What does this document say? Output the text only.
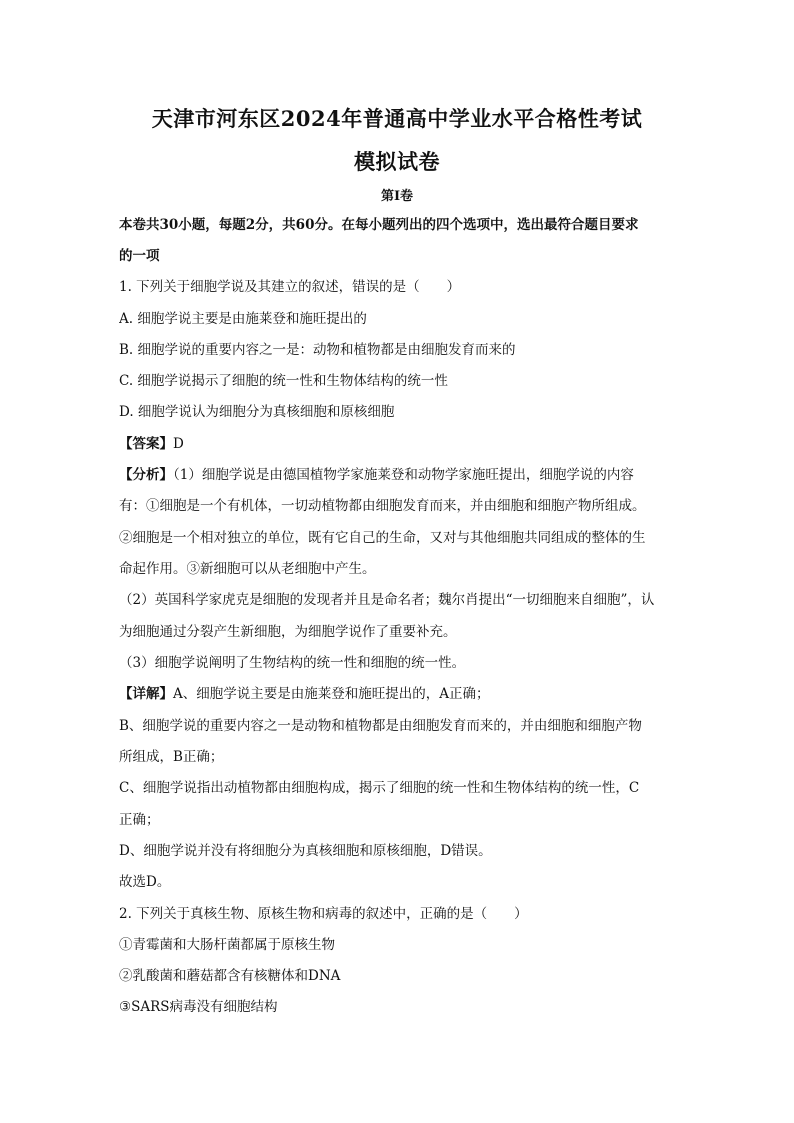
天津市河东区2024年普通高中学业水平合格性考试
模拟试卷
第Ⅰ卷
本卷共30小题，每题2分，共60分。在每小题列出的四个选项中，选出最符合题目要求
的一项
1. 下列关于细胞学说及其建立的叙述，错误的是（　　）
A. 细胞学说主要是由施莱登和施旺提出的
B. 细胞学说的重要内容之一是：动物和植物都是由细胞发育而来的
C. 细胞学说揭示了细胞的统一性和生物体结构的统一性
D. 细胞学说认为细胞分为真核细胞和原核细胞
【答案】D
【分析】（1）细胞学说是由德国植物学家施莱登和动物学家施旺提出，细胞学说的内容
有：①细胞是一个有机体，一切动植物都由细胞发育而来，并由细胞和细胞产物所组成。
②细胞是一个相对独立的单位，既有它自己的生命，又对与其他细胞共同组成的整体的生
命起作用。③新细胞可以从老细胞中产生。
（2）英国科学家虎克是细胞的发现者并且是命名者；魏尔肖提出“一切细胞来自细胞”，认
为细胞通过分裂产生新细胞，为细胞学说作了重要补充。
（3）细胞学说阐明了生物结构的统一性和细胞的统一性。
【详解】A、细胞学说主要是由施莱登和施旺提出的，A正确；
B、细胞学说的重要内容之一是动物和植物都是由细胞发育而来的，并由细胞和细胞产物
所组成，B正确；
C、细胞学说指出动植物都由细胞构成，揭示了细胞的统一性和生物体结构的统一性，C
正确；
D、细胞学说并没有将细胞分为真核细胞和原核细胞，D错误。
故选D。
2. 下列关于真核生物、原核生物和病毒的叙述中，正确的是（　　）
①青霉菌和大肠杆菌都属于原核生物
②乳酸菌和蘑菇都含有核糖体和DNA
③SARS病毒没有细胞结构
